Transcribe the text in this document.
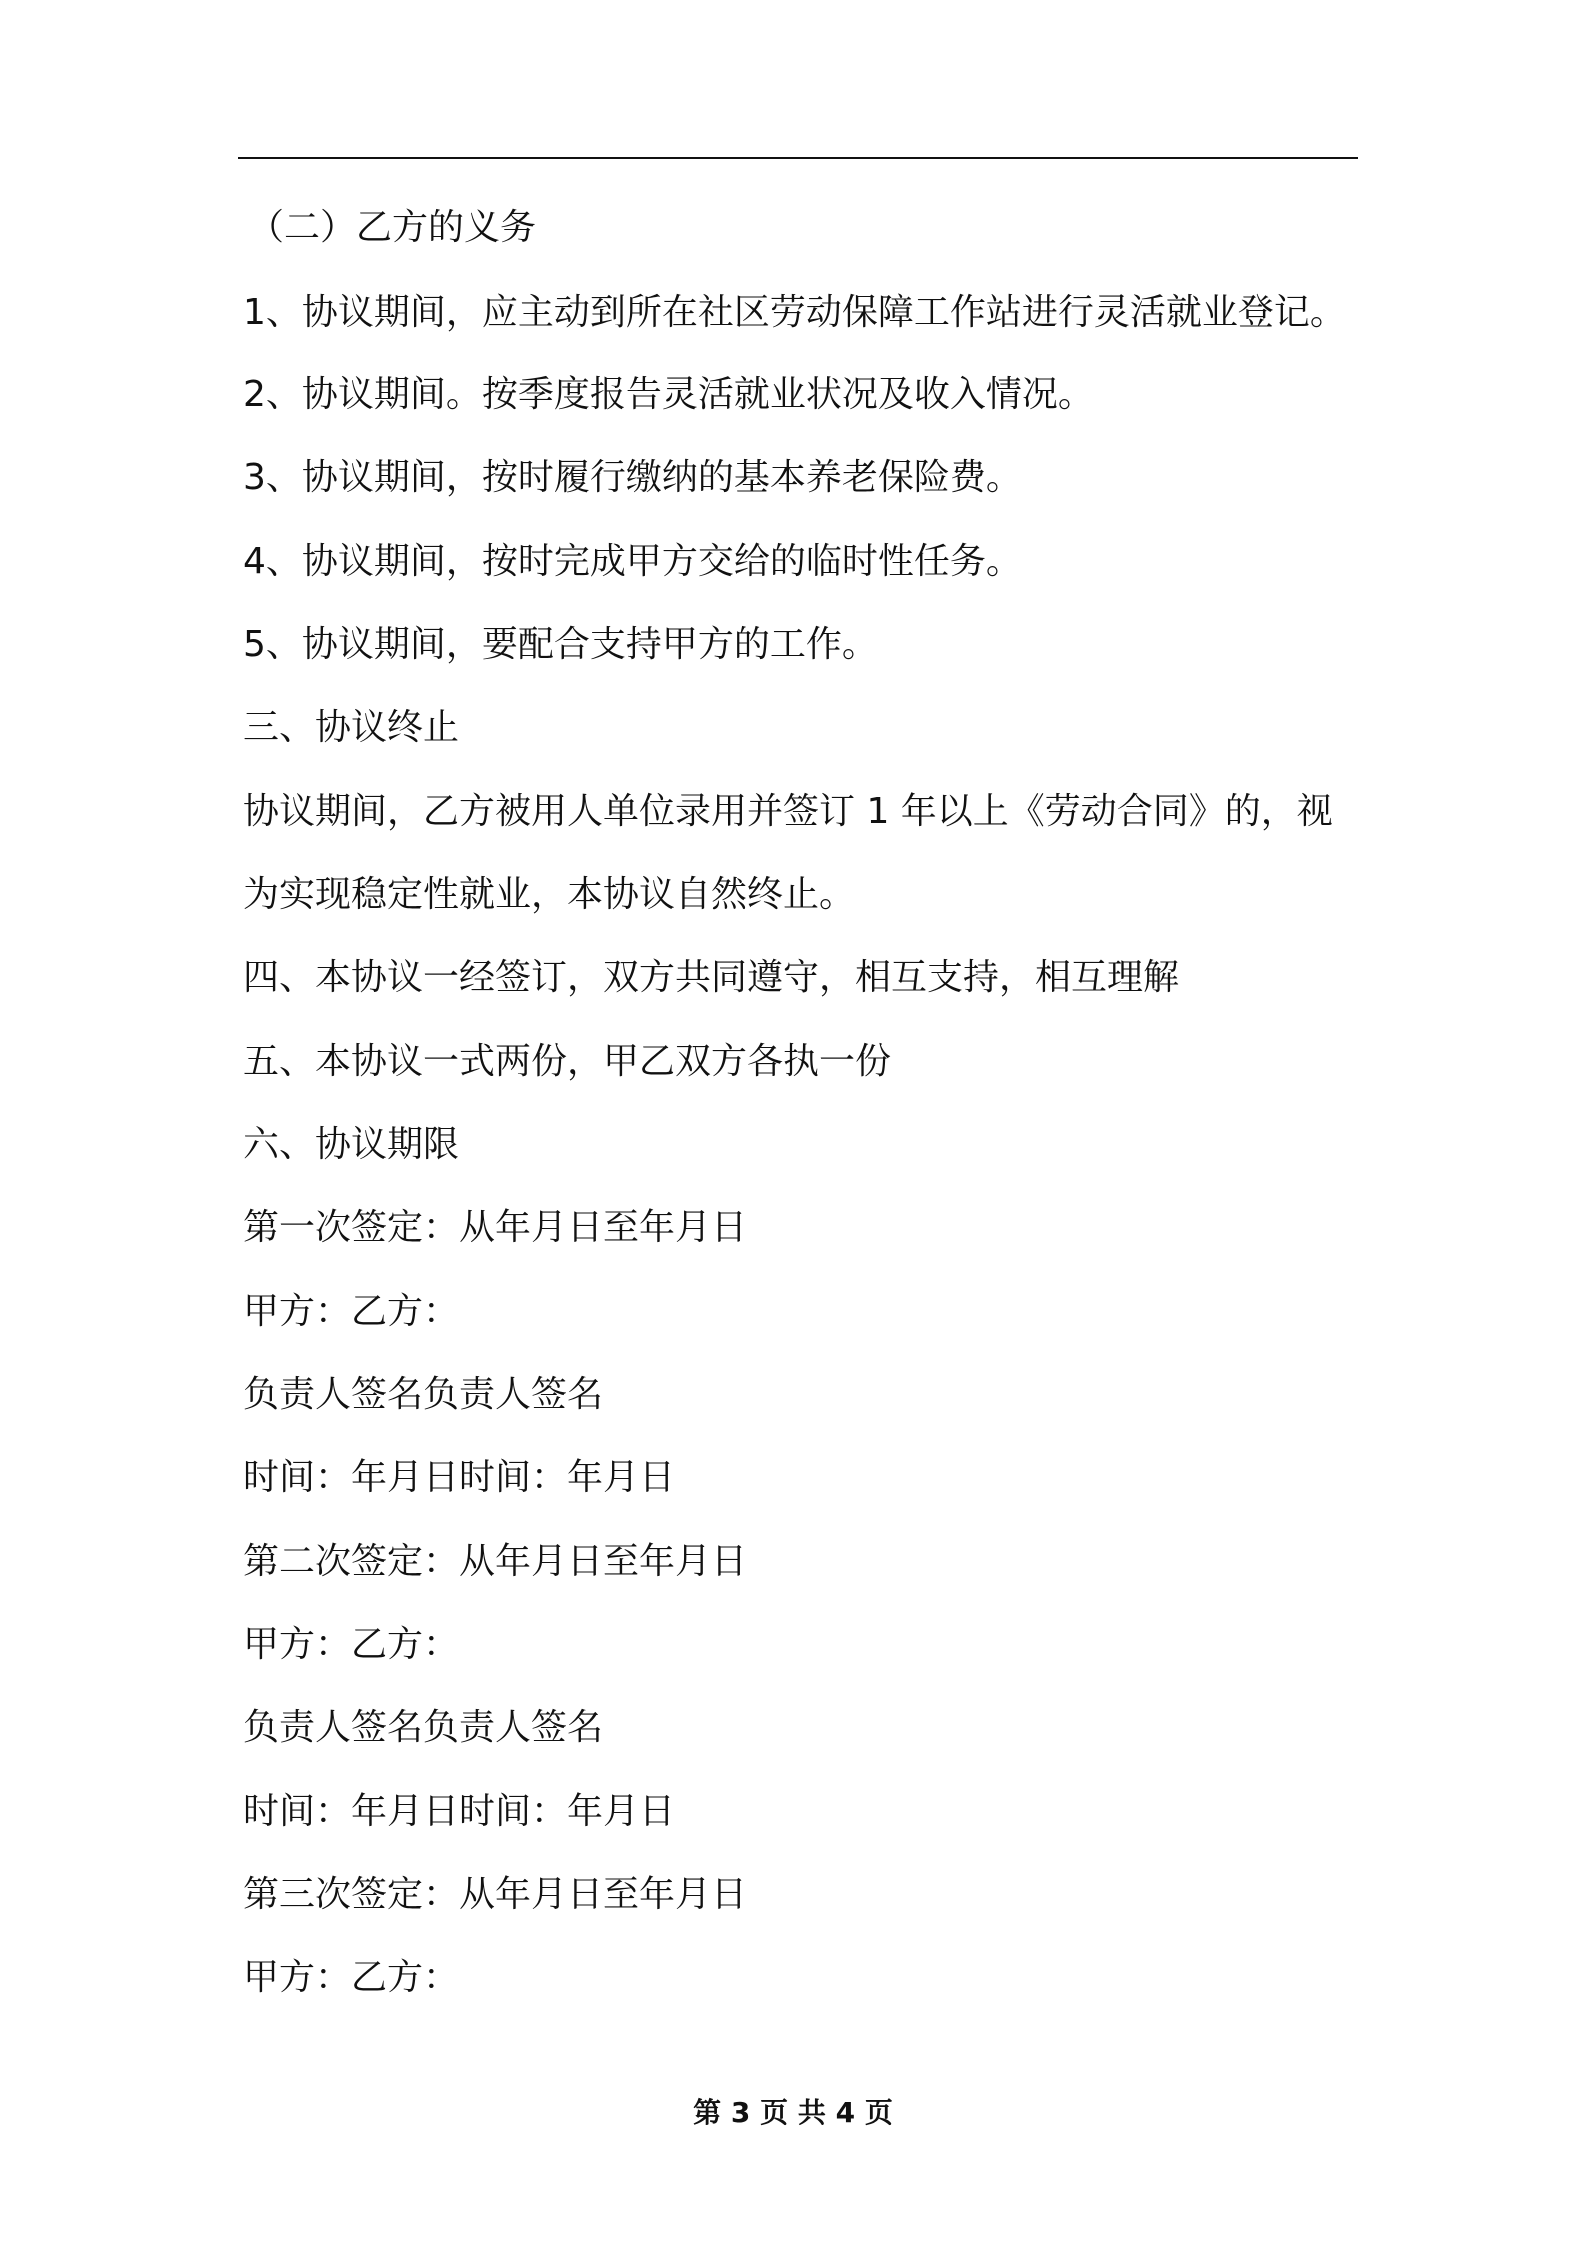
（二）乙方的义务

1、协议期间，应主动到所在社区劳动保障工作站进行灵活就业登记。

2、协议期间。按季度报告灵活就业状况及收入情况。

3、协议期间，按时履行缴纳的基本养老保险费。

4、协议期间，按时完成甲方交给的临时性任务。

5、协议期间，要配合支持甲方的工作。

三、协议终止

协议期间，乙方被用人单位录用并签订 1 年以上《劳动合同》的，视

为实现稳定性就业，本协议自然终止。

四、本协议一经签订，双方共同遵守，相互支持，相互理解

五、本协议一式两份，甲乙双方各执一份

六、协议期限

第一次签定：从年月日至年月日

甲方：乙方：

负责人签名负责人签名

时间：年月日时间：年月日

第二次签定：从年月日至年月日

甲方：乙方：

负责人签名负责人签名

时间：年月日时间：年月日

第三次签定：从年月日至年月日

甲方：乙方：

第 3 页 共 4 页
